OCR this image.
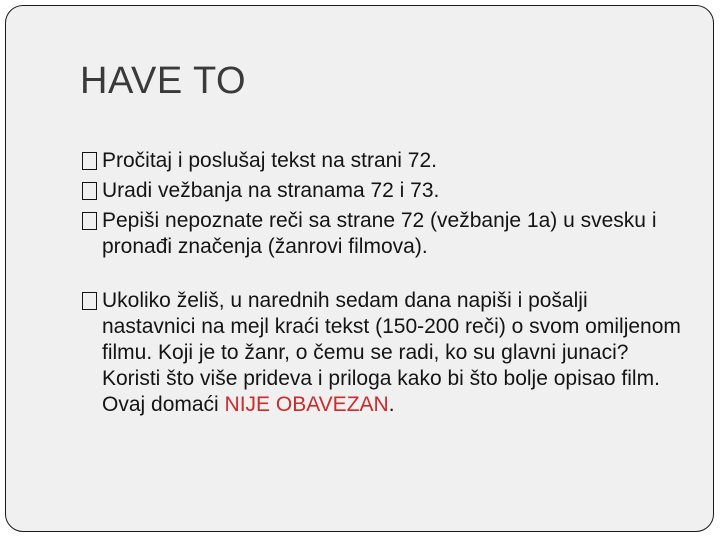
HAVE TO
Pročitaj i poslušaj tekst na strani 72.
Uradi vežbanja na stranama 72 i 73.
Pepiši nepoznate reči sa strane 72 (vežbanje 1a) u svesku i pronađi značenja (žanrovi filmova).
Ukoliko želiš, u narednih sedam dana napiši i pošalji nastavnici na mejl kraći tekst (150-200 reči) o svom omiljenom filmu. Koji je to žanr, o čemu se radi, ko su glavni junaci? Koristi što više prideva i priloga kako bi što bolje opisao film. Ovaj domaći NIJE OBAVEZAN.
